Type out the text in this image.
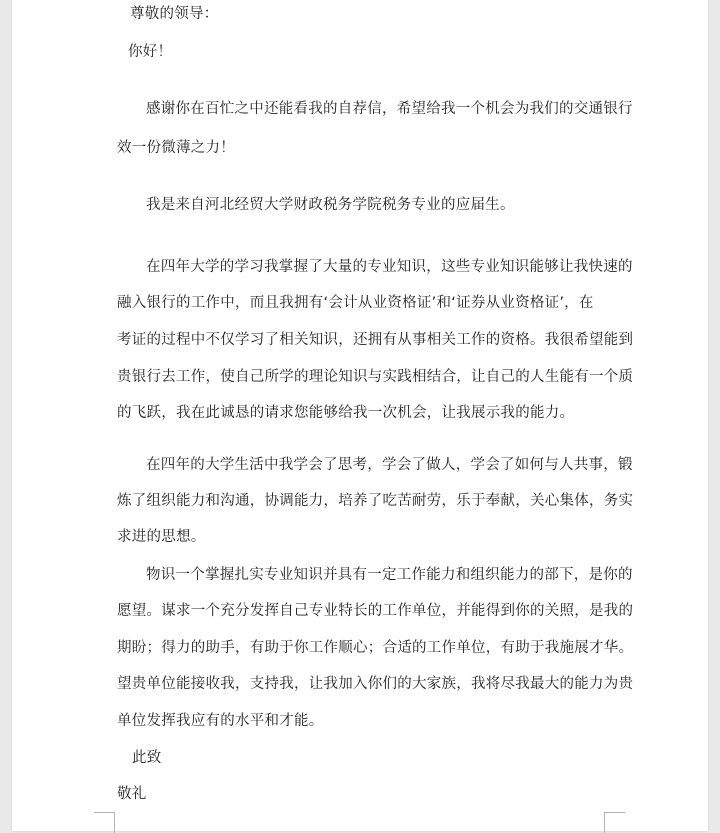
尊敬的领导：
你好！
感谢你在百忙之中还能看我的自荐信，希望给我一个机会为我们的交通银行
效一份微薄之力！
我是来自河北经贸大学财政税务学院税务专业的应届生。
在四年大学的学习我掌握了大量的专业知识，这些专业知识能够让我快速的
融入银行的工作中，而且我拥有‘会计从业资格证’和‘证券从业资格证’，在
考证的过程中不仅学习了相关知识，还拥有从事相关工作的资格。我很希望能到
贵银行去工作，使自己所学的理论知识与实践相结合，让自己的人生能有一个质
的飞跃，我在此诚恳的请求您能够给我一次机会，让我展示我的能力。
在四年的大学生活中我学会了思考，学会了做人，学会了如何与人共事，锻
炼了组织能力和沟通，协调能力，培养了吃苦耐劳，乐于奉献，关心集体，务实
求进的思想。
物识一个掌握扎实专业知识并具有一定工作能力和组织能力的部下，是你的
愿望。谋求一个充分发挥自己专业特长的工作单位，并能得到你的关照，是我的
期盼；得力的助手，有助于你工作顺心；合适的工作单位，有助于我施展才华。
望贵单位能接收我，支持我，让我加入你们的大家族，我将尽我最大的能力为贵
单位发挥我应有的水平和才能。
此致
敬礼
